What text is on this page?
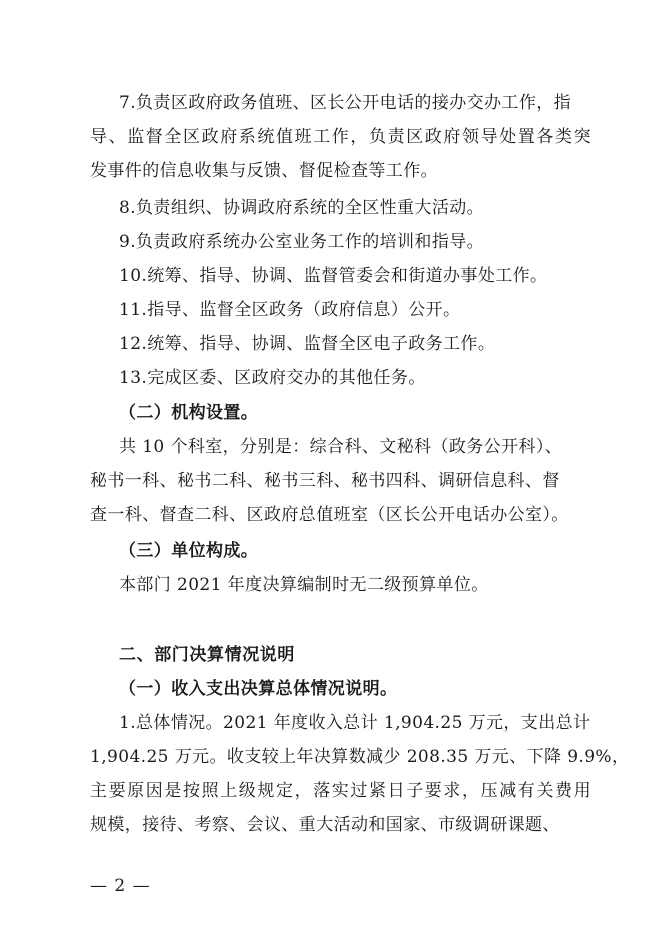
7.负责区政府政务值班、区长公开电话的接办交办工作，指
导、监督全区政府系统值班工作，负责区政府领导处置各类突
发事件的信息收集与反馈、督促检查等工作。
8.负责组织、协调政府系统的全区性重大活动。
9.负责政府系统办公室业务工作的培训和指导。
10.统筹、指导、协调、监督管委会和街道办事处工作。
11.指导、监督全区政务（政府信息）公开。
12.统筹、指导、协调、监督全区电子政务工作。
13.完成区委、区政府交办的其他任务。
（二）机构设置。
共 10 个科室，分别是：综合科、文秘科（政务公开科）、
秘书一科、秘书二科、秘书三科、秘书四科、调研信息科、督
查一科、督查二科、区政府总值班室（区长公开电话办公室）。
（三）单位构成。
本部门 2021 年度决算编制时无二级预算单位。
二、部门决算情况说明
（一）收入支出决算总体情况说明。
1.总体情况。2021 年度收入总计 1,904.25 万元，支出总计
1,904.25 万元。收支较上年决算数减少 208.35 万元、下降 9.9%，
主要原因是按照上级规定，落实过紧日子要求，压减有关费用
规模，接待、考察、会议、重大活动和国家、市级调研课题、
— 2 —
